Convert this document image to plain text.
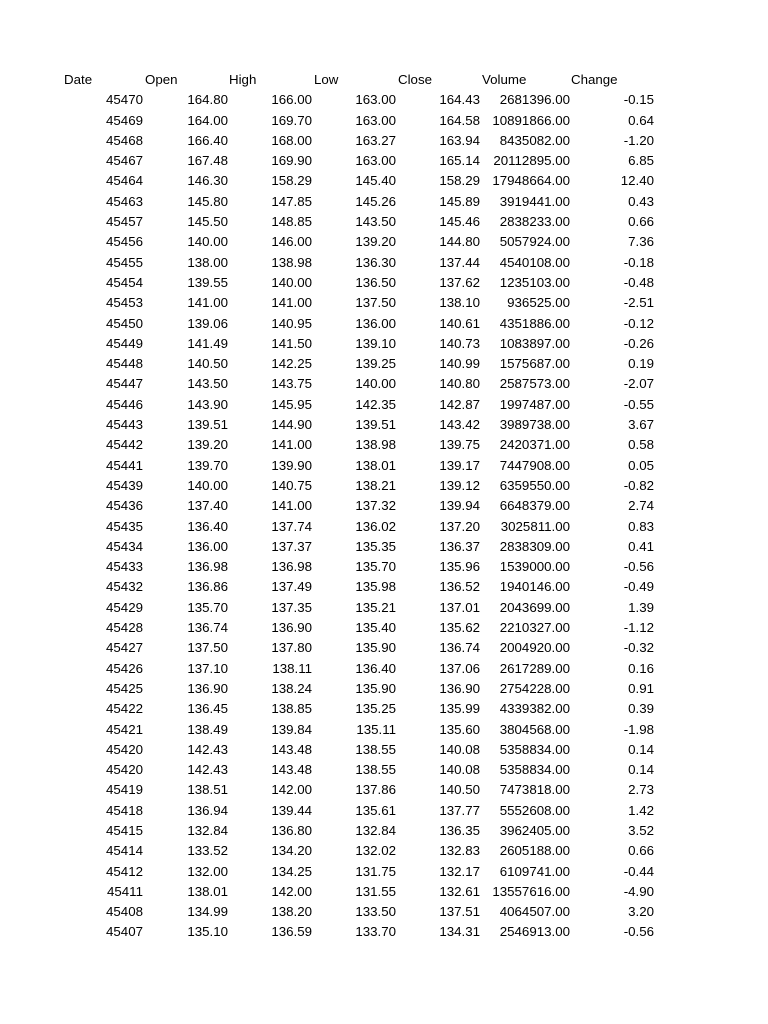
Date	Open	High	Low	Close	Volume	Change
45470	164.80	166.00	163.00	164.43 2681396.00	-0.15
45469	164.00	169.70	163.00	164.58 10891866.00	0.64
45468	166.40	168.00	163.27	163.94 8435082.00	-1.20
45467	167.48	169.90	163.00	165.14 20112895.00	6.85
45464	146.30	158.29	145.40	158.29 17948664.00	12.40
45463	145.80	147.85	145.26	145.89 3919441.00	0.43
45457	145.50	148.85	143.50	145.46 2838233.00	0.66
45456	140.00	146.00	139.20	144.80 5057924.00	7.36
45455	138.00	138.98	136.30	137.44 4540108.00	-0.18
45454	139.55	140.00	136.50	137.62 1235103.00	-0.48
45453	141.00	141.00	137.50	138.10 936525.00	-2.51
45450	139.06	140.95	136.00	140.61 4351886.00	-0.12
45449	141.49	141.50	139.10	140.73 1083897.00	-0.26
45448	140.50	142.25	139.25	140.99 1575687.00	0.19
45447	143.50	143.75	140.00	140.80 2587573.00	-2.07
45446	143.90	145.95	142.35	142.87 1997487.00	-0.55
45443	139.51	144.90	139.51	143.42 3989738.00	3.67
45442	139.20	141.00	138.98	139.75 2420371.00	0.58
45441	139.70	139.90	138.01	139.17 7447908.00	0.05
45439	140.00	140.75	138.21	139.12 6359550.00	-0.82
45436	137.40	141.00	137.32	139.94 6648379.00	2.74
45435	136.40	137.74	136.02	137.20 3025811.00	0.83
45434	136.00	137.37	135.35	136.37 2838309.00	0.41
45433	136.98	136.98	135.70	135.96 1539000.00	-0.56
45432	136.86	137.49	135.98	136.52 1940146.00	-0.49
45429	135.70	137.35	135.21	137.01 2043699.00	1.39
45428	136.74	136.90	135.40	135.62 2210327.00	-1.12
45427	137.50	137.80	135.90	136.74 2004920.00	-0.32
45426	137.10	138.11	136.40	137.06 2617289.00	0.16
45425	136.90	138.24	135.90	136.90 2754228.00	0.91
45422	136.45	138.85	135.25	135.99 4339382.00	0.39
45421	138.49	139.84	135.11	135.60 3804568.00	-1.98
45420	142.43	143.48	138.55	140.08 5358834.00	0.14
45420	142.43	143.48	138.55	140.08 5358834.00	0.14
45419	138.51	142.00	137.86	140.50 7473818.00	2.73
45418	136.94	139.44	135.61	137.77 5552608.00	1.42
45415	132.84	136.80	132.84	136.35 3962405.00	3.52
45414	133.52	134.20	132.02	132.83 2605188.00	0.66
45412	132.00	134.25	131.75	132.17 6109741.00	-0.44
45411	138.01	142.00	131.55	132.61 13557616.00	-4.90
45408	134.99	138.20	133.50	137.51 4064507.00	3.20
45407	135.10	136.59	133.70	134.31 2546913.00	-0.56
